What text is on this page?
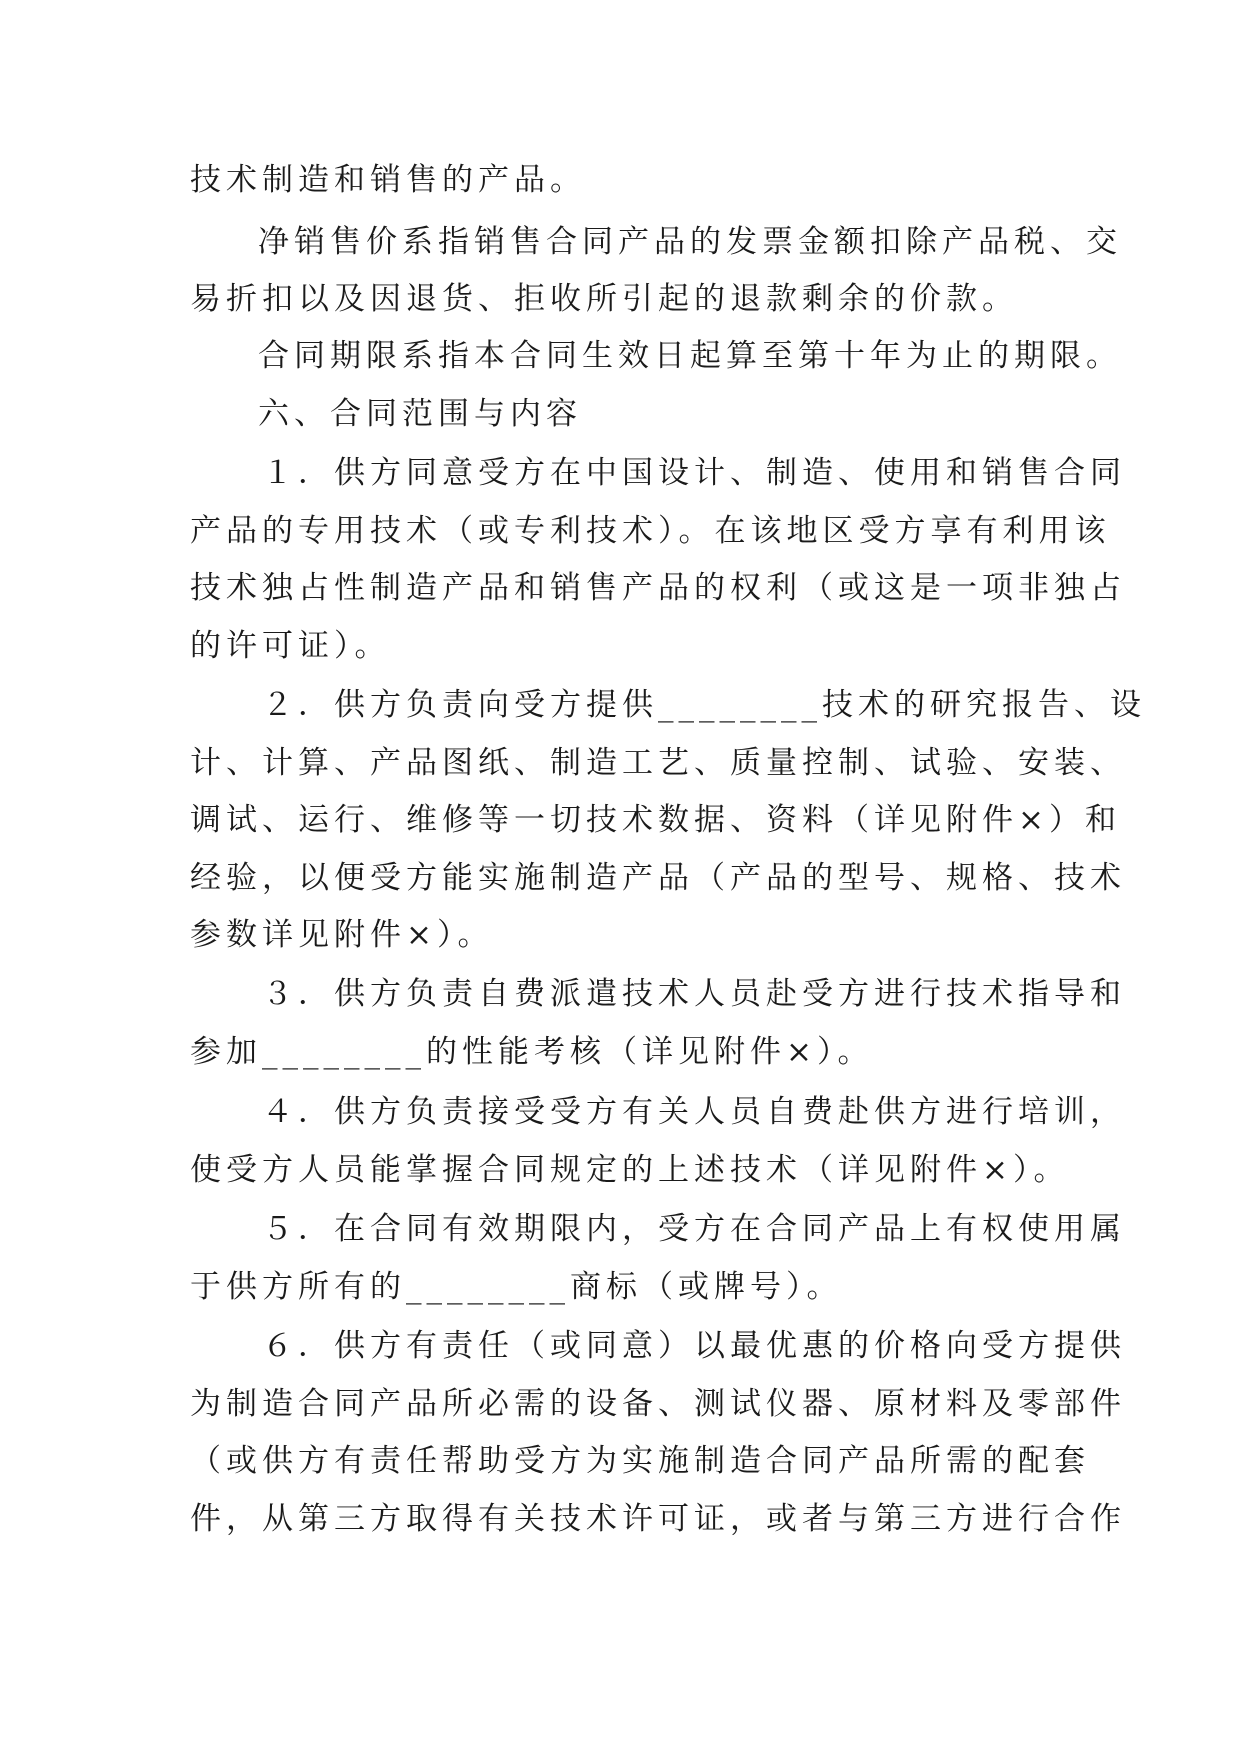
技术制造和销售的产品。
净销售价系指销售合同产品的发票金额扣除产品税、交
易折扣以及因退货、拒收所引起的退款剩余的价款。
合同期限系指本合同生效日起算至第十年为止的期限。
六、合同范围与内容
１．供方同意受方在中国设计、制造、使用和销售合同
产品的专用技术（或专利技术）。在该地区受方享有利用该
技术独占性制造产品和销售产品的权利（或这是一项非独占
的许可证）。
２．供方负责向受方提供________技术的研究报告、设
计、计算、产品图纸、制造工艺、质量控制、试验、安装、
调试、运行、维修等一切技术数据、资料（详见附件×）和
经验，以便受方能实施制造产品（产品的型号、规格、技术
参数详见附件×）。
３．供方负责自费派遣技术人员赴受方进行技术指导和
参加________的性能考核（详见附件×）。
４．供方负责接受受方有关人员自费赴供方进行培训，
使受方人员能掌握合同规定的上述技术（详见附件×）。
５．在合同有效期限内，受方在合同产品上有权使用属
于供方所有的________商标（或牌号）。
６．供方有责任（或同意）以最优惠的价格向受方提供
为制造合同产品所必需的设备、测试仪器、原材料及零部件
（或供方有责任帮助受方为实施制造合同产品所需的配套
件，从第三方取得有关技术许可证，或者与第三方进行合作
